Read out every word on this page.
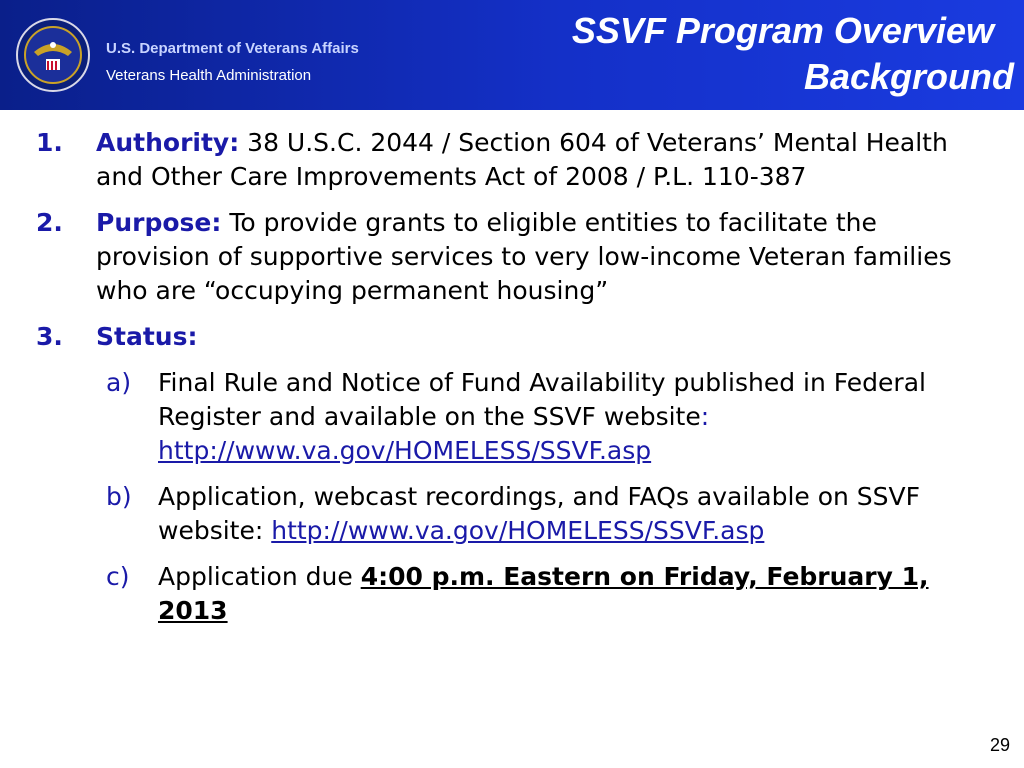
U.S. Department of Veterans Affairs
Veterans Health Administration
SSVF Program Overview
Background
1. Authority: 38 U.S.C. 2044 / Section 604 of Veterans’ Mental Health and Other Care Improvements Act of 2008 / P.L. 110-387
2. Purpose: To provide grants to eligible entities to facilitate the provision of supportive services to very low-income Veteran families who are “occupying permanent housing”
3. Status:
a) Final Rule and Notice of Fund Availability published in Federal Register and available on the SSVF website:
http://www.va.gov/HOMELESS/SSVF.asp
b) Application, webcast recordings, and FAQs available on SSVF website: http://www.va.gov/HOMELESS/SSVF.asp
c) Application due 4:00 p.m. Eastern on Friday, February 1, 2013
29
